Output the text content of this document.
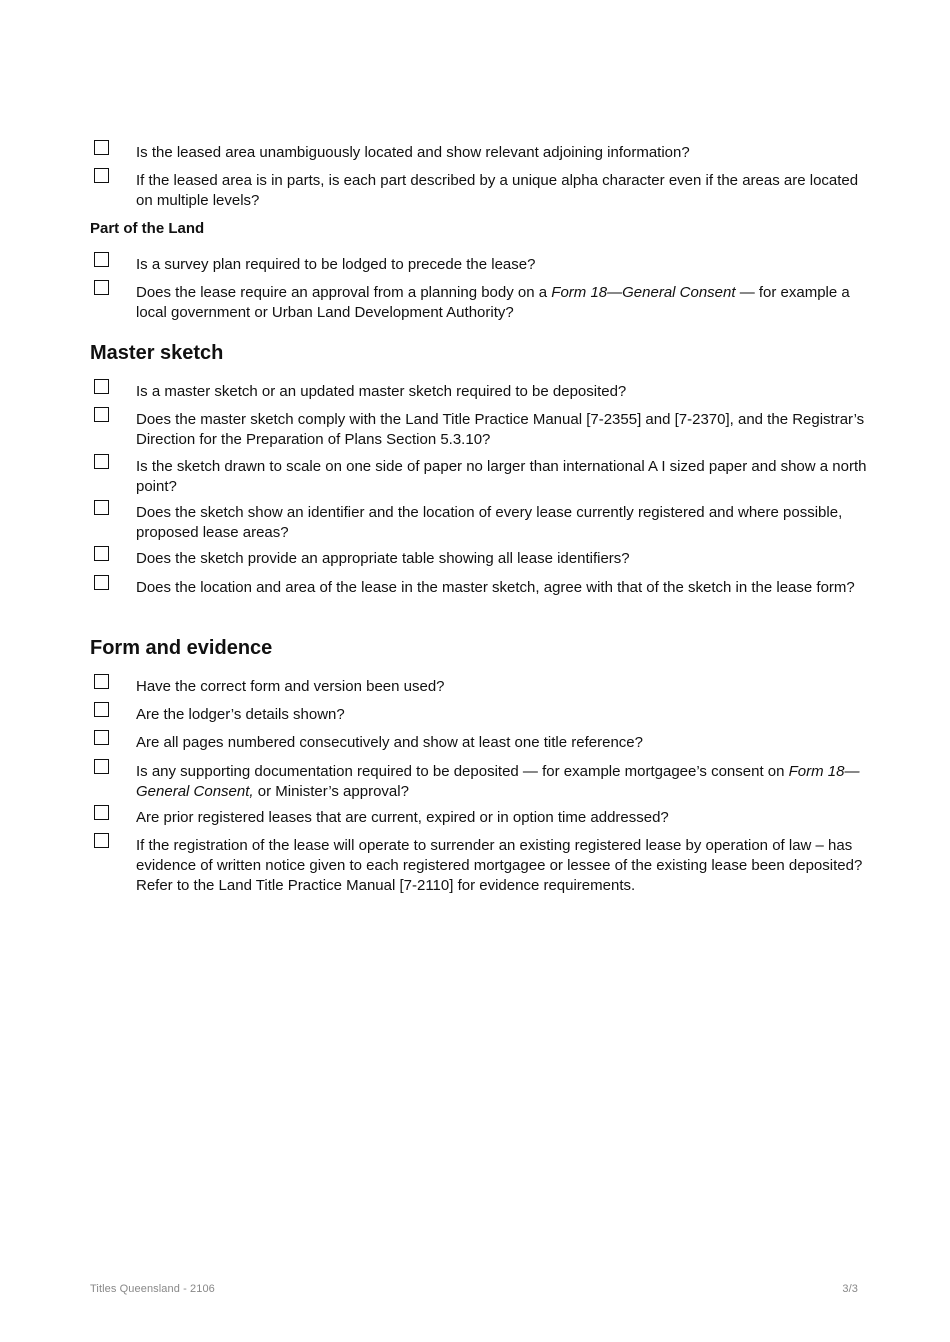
Is the leased area unambiguously located and show relevant adjoining information?
If the leased area is in parts, is each part described by a unique alpha character even if the areas are located on multiple levels?
Part of the Land
Is a survey plan required to be lodged to precede the lease?
Does the lease require an approval from a planning body on a Form 18—General Consent — for example a local government or Urban Land Development Authority?
Master sketch
Is a master sketch or an updated master sketch required to be deposited?
Does the master sketch comply with the Land Title Practice Manual [7-2355] and [7-2370], and the Registrar’s Direction for the Preparation of Plans Section 5.3.10?
Is the sketch drawn to scale on one side of paper no larger than international A I sized paper and show a north point?
Does the sketch show an identifier and the location of every lease currently registered and where possible, proposed lease areas?
Does the sketch provide an appropriate table showing all lease identifiers?
Does the location and area of the lease in the master sketch, agree with that of the sketch in the lease form?
Form and evidence
Have the correct form and version been used?
Are the lodger’s details shown?
Are all pages numbered consecutively and show at least one title reference?
Is any supporting documentation required to be deposited — for example mortgagee’s consent on Form 18—General Consent, or Minister’s approval?
Are prior registered leases that are current, expired or in option time addressed?
If the registration of the lease will operate to surrender an existing registered lease by operation of law – has evidence of written notice given to each registered mortgagee or lessee of the existing lease been deposited? Refer to the Land Title Practice Manual [7-2110] for evidence requirements.
Titles Queensland - 2106	3/3
